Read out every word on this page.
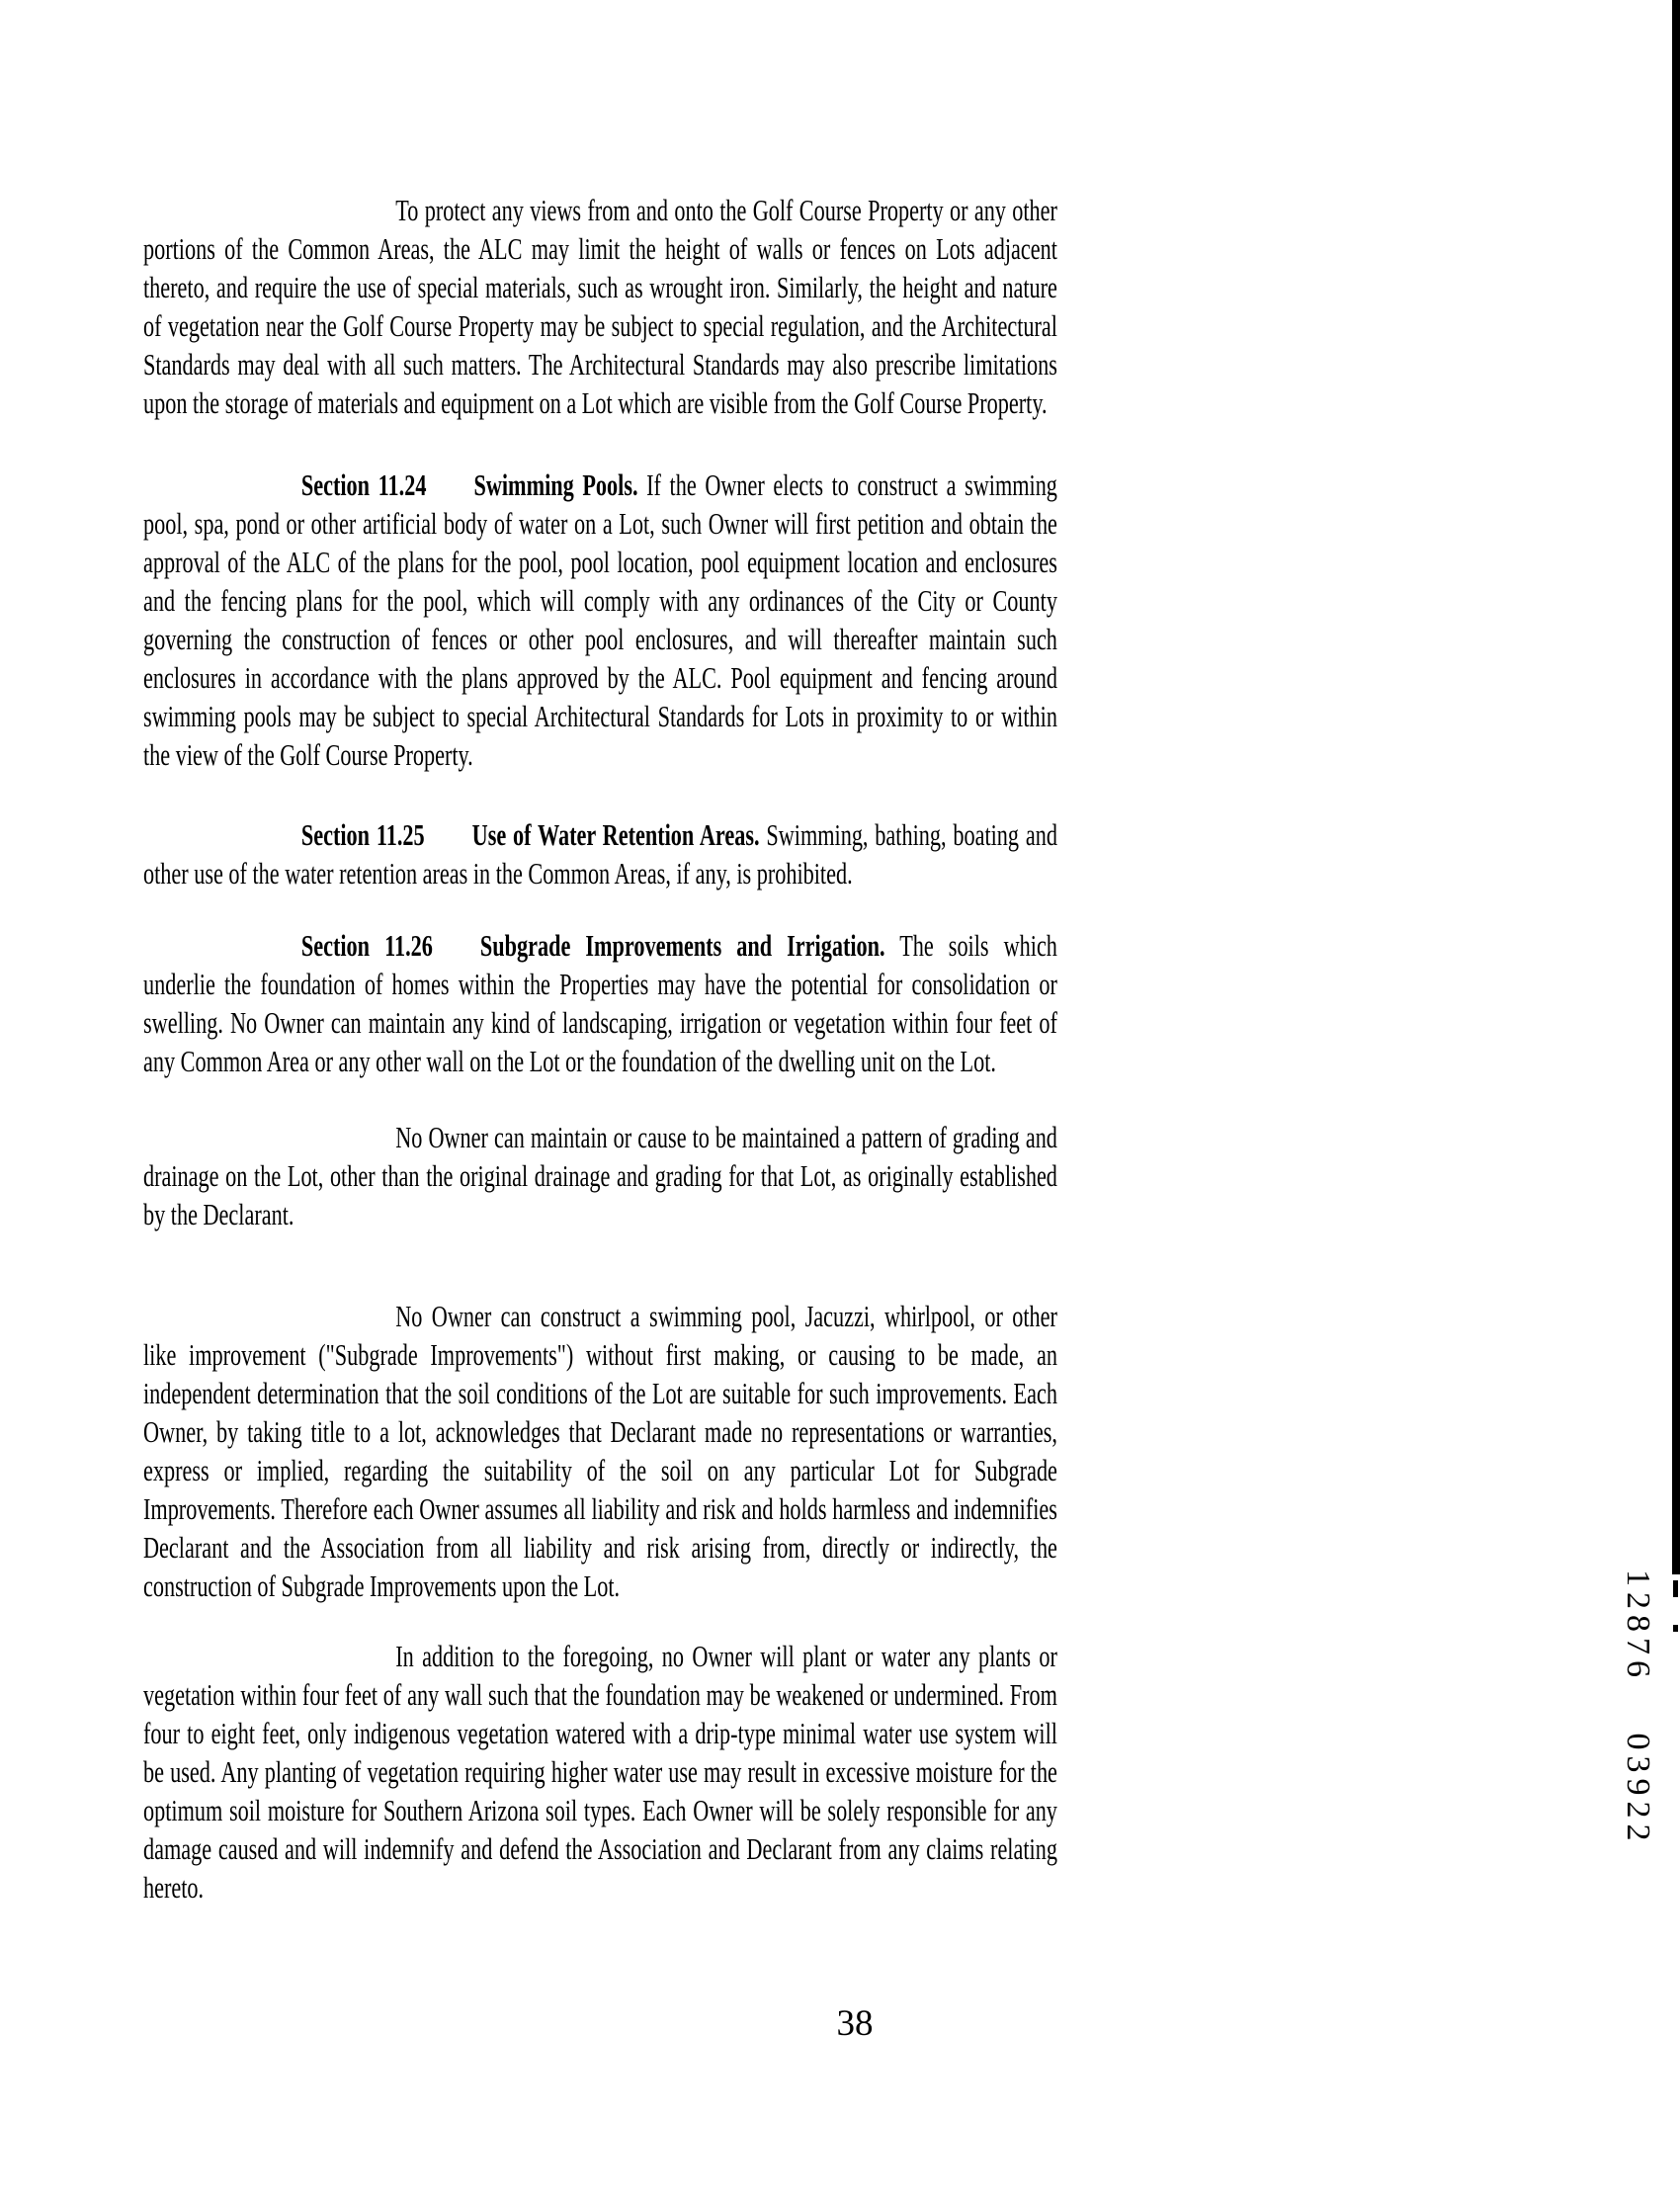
To protect any views from and onto the Golf Course Property or any other portions of the Common Areas, the ALC may limit the height of walls or fences on Lots adjacent thereto, and require the use of special materials, such as wrought iron. Similarly, the height and nature of vegetation near the Golf Course Property may be subject to special regulation, and the Architectural Standards may deal with all such matters. The Architectural Standards may also prescribe limitations upon the storage of materials and equipment on a Lot which are visible from the Golf Course Property.

Section 11.24 Swimming Pools. If the Owner elects to construct a swimming pool, spa, pond or other artificial body of water on a Lot, such Owner will first petition and obtain the approval of the ALC of the plans for the pool, pool location, pool equipment location and enclosures and the fencing plans for the pool, which will comply with any ordinances of the City or County governing the construction of fences or other pool enclosures, and will thereafter maintain such enclosures in accordance with the plans approved by the ALC. Pool equipment and fencing around swimming pools may be subject to special Architectural Standards for Lots in proximity to or within the view of the Golf Course Property.

Section 11.25 Use of Water Retention Areas. Swimming, bathing, boating and other use of the water retention areas in the Common Areas, if any, is prohibited.

Section 11.26 Subgrade Improvements and Irrigation. The soils which underlie the foundation of homes within the Properties may have the potential for consolidation or swelling. No Owner can maintain any kind of landscaping, irrigation or vegetation within four feet of any Common Area or any other wall on the Lot or the foundation of the dwelling unit on the Lot.

No Owner can maintain or cause to be maintained a pattern of grading and drainage on the Lot, other than the original drainage and grading for that Lot, as originally established by the Declarant.

No Owner can construct a swimming pool, Jacuzzi, whirlpool, or other like improvement ("Subgrade Improvements") without first making, or causing to be made, an independent determination that the soil conditions of the Lot are suitable for such improvements. Each Owner, by taking title to a lot, acknowledges that Declarant made no representations or warranties, express or implied, regarding the suitability of the soil on any particular Lot for Subgrade Improvements. Therefore each Owner assumes all liability and risk and holds harmless and indemnifies Declarant and the Association from all liability and risk arising from, directly or indirectly, the construction of Subgrade Improvements upon the Lot.

In addition to the foregoing, no Owner will plant or water any plants or vegetation within four feet of any wall such that the foundation may be weakened or undermined. From four to eight feet, only indigenous vegetation watered with a drip-type minimal water use system will be used. Any planting of vegetation requiring higher water use may result in excessive moisture for the optimum soil moisture for Southern Arizona soil types. Each Owner will be solely responsible for any damage caused and will indemnify and defend the Association and Declarant from any claims relating hereto.

38
12876 03922
